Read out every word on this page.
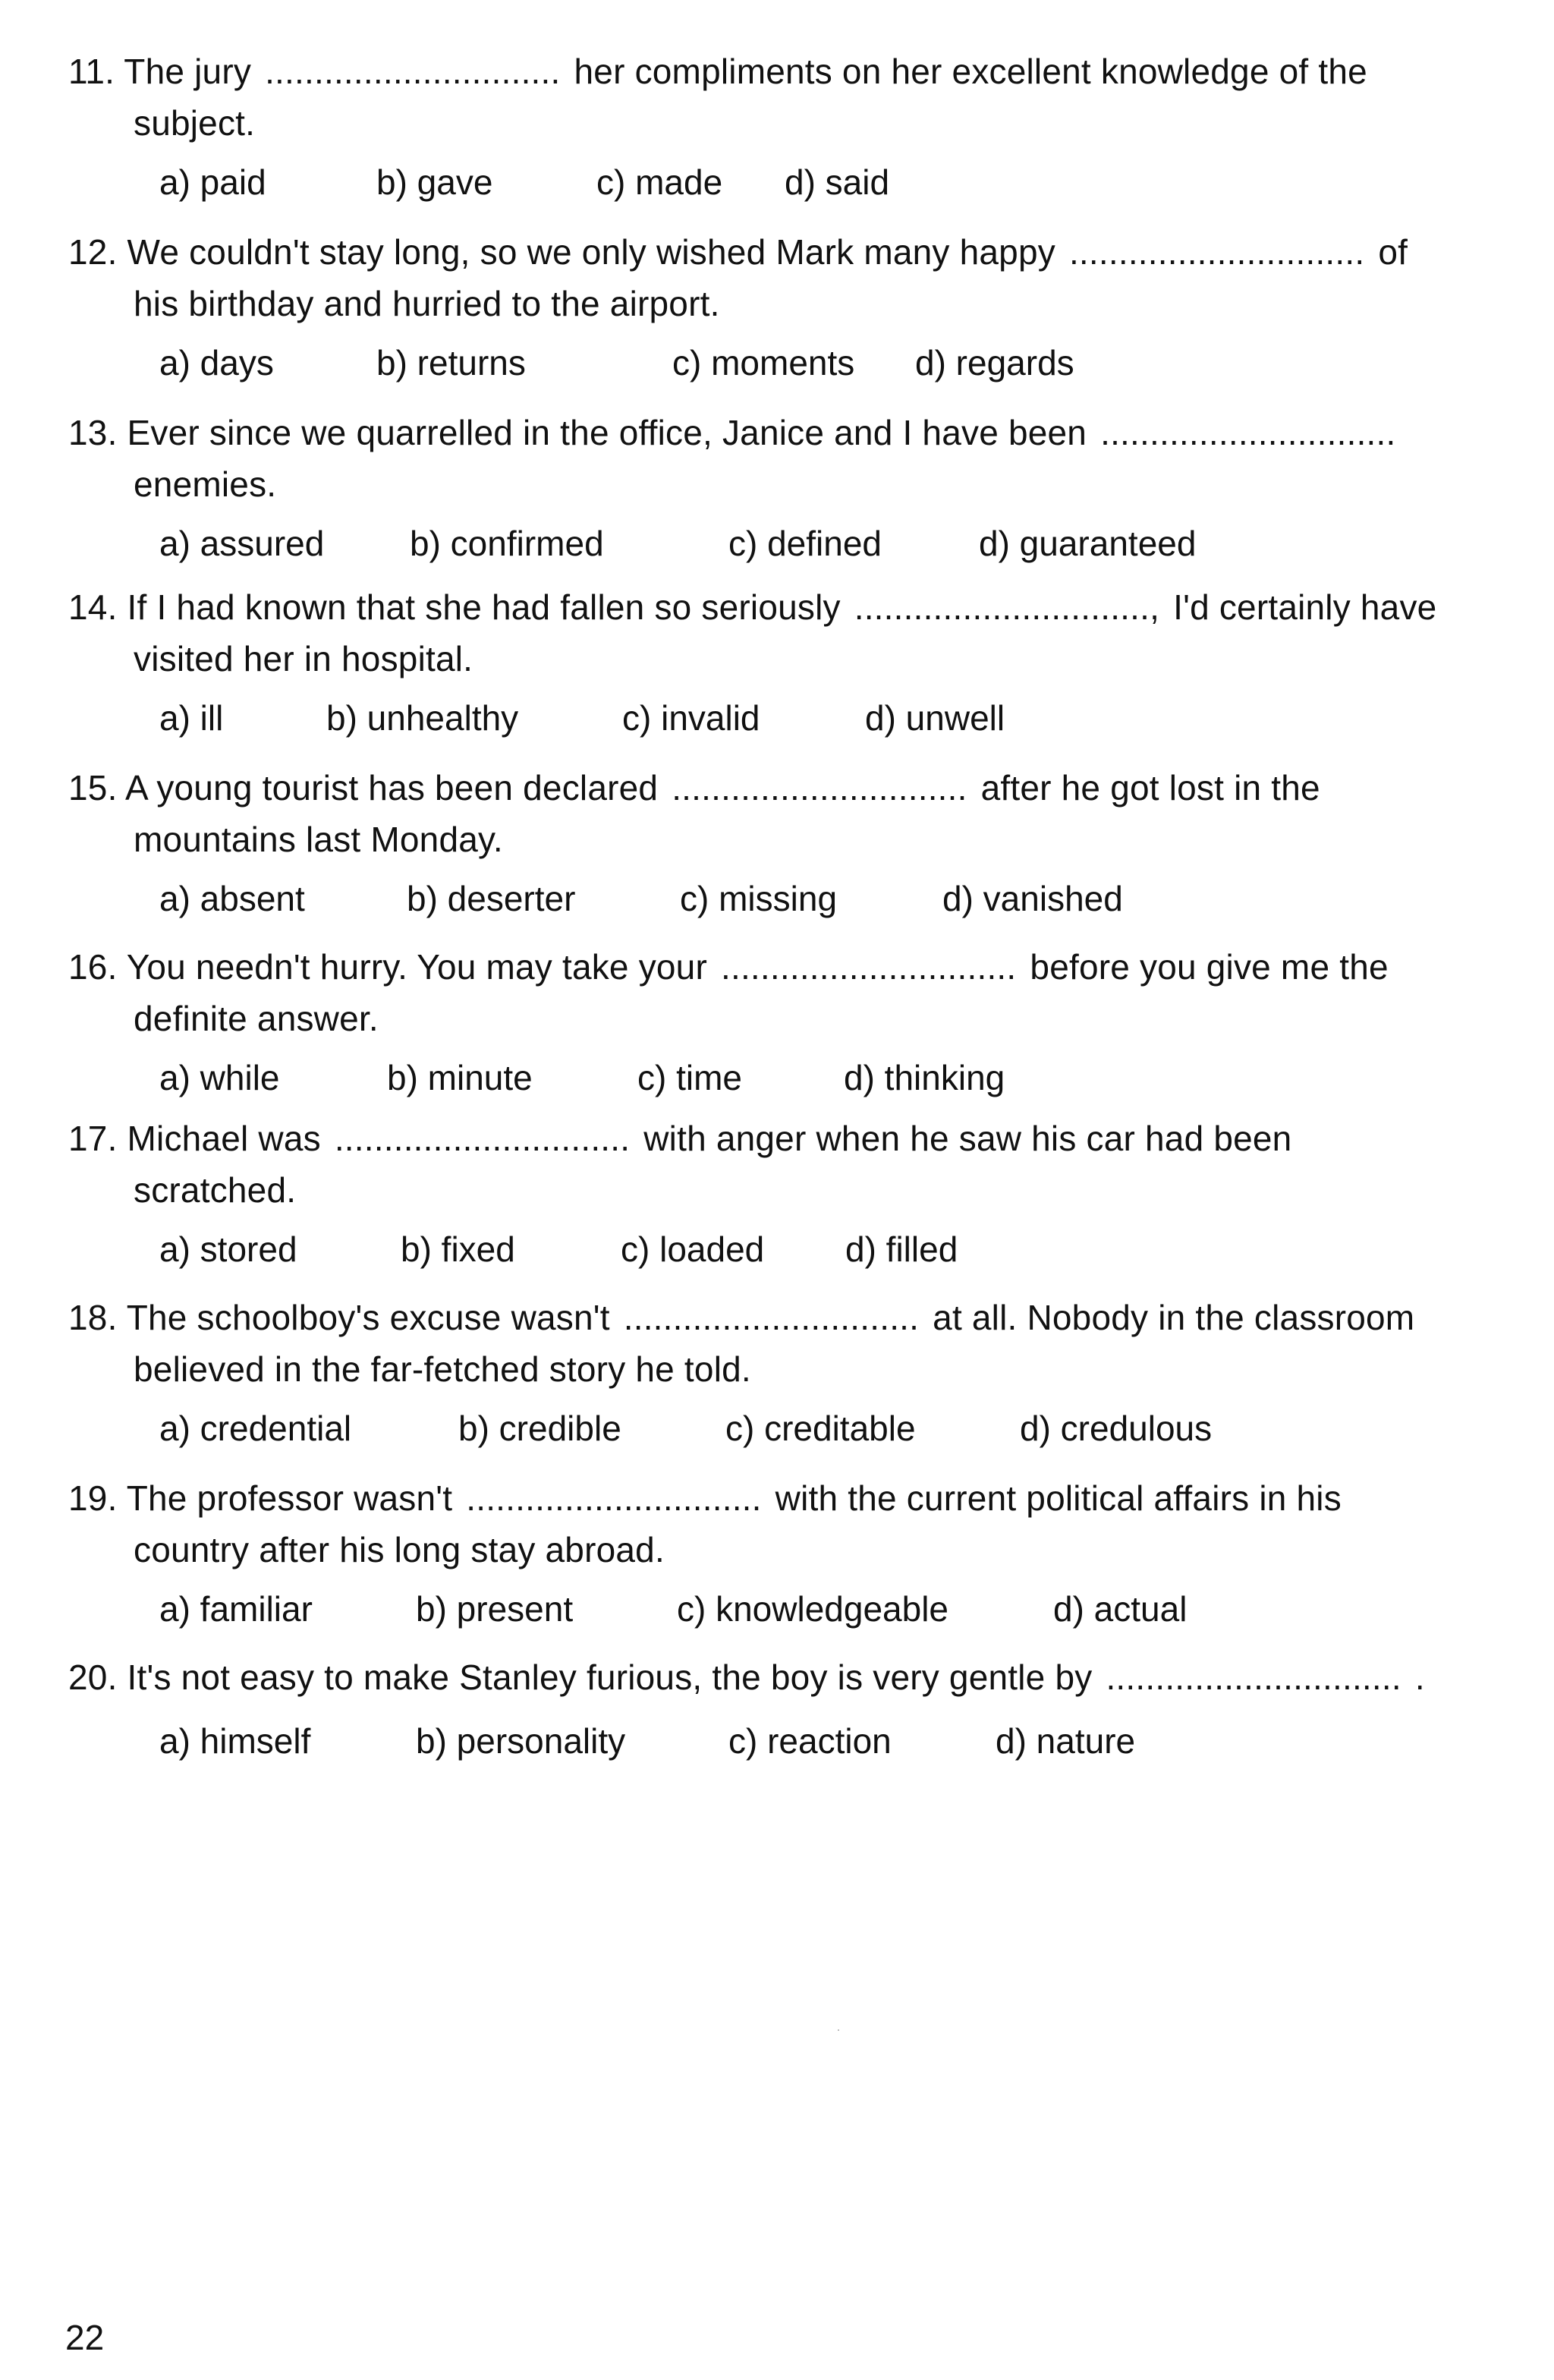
11. The jury .............................. her compliments on her excellent knowledge of the
subject.
a) paid	b) gave	c) made	d) said
12. We couldn't stay long, so we only wished Mark many happy .............................. of
his birthday and hurried to the airport.
a) days	b) returns	c) moments	d) regards
13. Ever since we quarrelled in the office, Janice and I have been ..............................
enemies.
a) assured	b) confirmed	c) defined	d) guaranteed
14. If I had known that she had fallen so seriously .............................., I'd certainly have
visited her in hospital.
a) ill	b) unhealthy	c) invalid	d) unwell
15. A young tourist has been declared .............................. after he got lost in the
mountains last Monday.
a) absent	b) deserter	c) missing	d) vanished
16. You needn't hurry. You may take your .............................. before you give me the
definite answer.
a) while	b) minute	c) time	d) thinking
17. Michael was .............................. with anger when he saw his car had been
scratched.
a) stored	b) fixed	c) loaded	d) filled
18. The schoolboy's excuse wasn't .............................. at all. Nobody in the classroom
believed in the far-fetched story he told.
a) credential	b) credible	c) creditable	d) credulous
19. The professor wasn't .............................. with the current political affairs in his
country after his long stay abroad.
a) familiar	b) present	c) knowledgeable	d) actual
20. It's not easy to make Stanley furious, the boy is very gentle by .............................. .
a) himself	b) personality	c) reaction	d) nature
22
